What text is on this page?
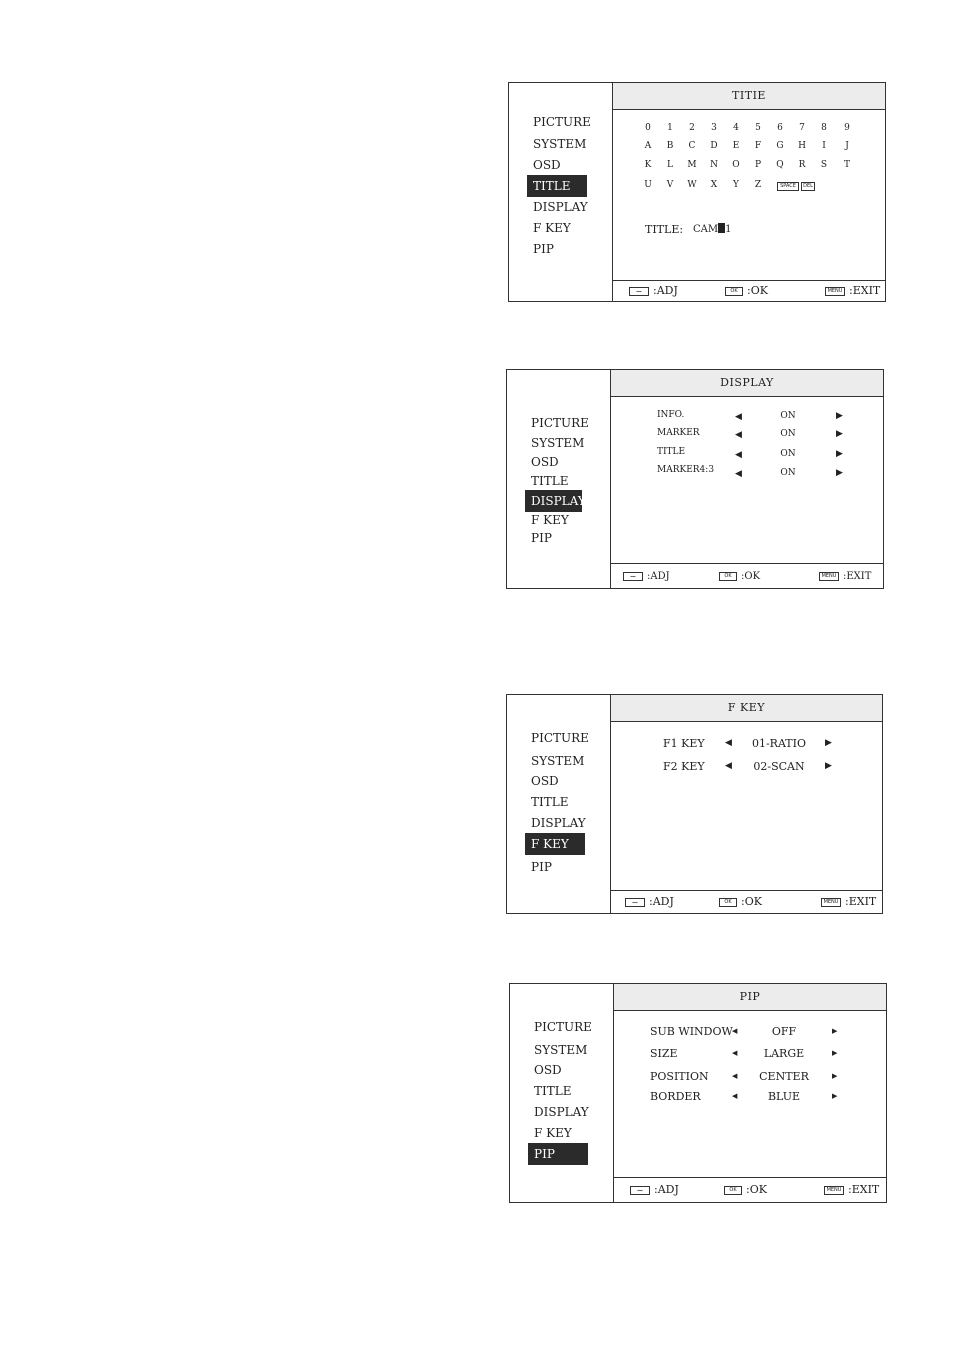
PICTURE
SYSTEM
OSD
TITLE
DISPLAY
F KEY
PIP
TITIE
0	1	2	3	4	5	6	7	8	9
A	B	C	D	E	F	G	H	I	J
K	L	M	N	O	P	Q	R	S	T
U	V	W	X	Y	Z	SPACE	DEL
TITLE: CAM 1
∼ :ADJ	OK :OK	MENU :EXIT
PICTURE
SYSTEM
OSD
TITLE
DISPLAY
F KEY
PIP
DISPLAY
INFO.	◀	ON	▶
MARKER	◀	ON	▶
TITLE	◀	ON	▶
MARKER4:3 ◀	ON	▶
∼ :ADJ	OK :OK	MENU :EXIT
PICTURE
SYSTEM
OSD
TITLE
DISPLAY
F KEY
PIP
F KEY
F1 KEY ◀	01-RATIO	▶
F2 KEY ◀	02-SCAN	▶
∼ :ADJ	OK :OK	MENU :EXIT
PICTURE
SYSTEM
OSD
TITLE
DISPLAY
F KEY
PIP
PIP
SUB WINDOW ◀	OFF	▶
SIZE	◀	LARGE	▶
POSITION	◀	CENTER	▶
BORDER	◀	BLUE	▶
∼ :ADJ	OK :OK	MENU :EXIT
